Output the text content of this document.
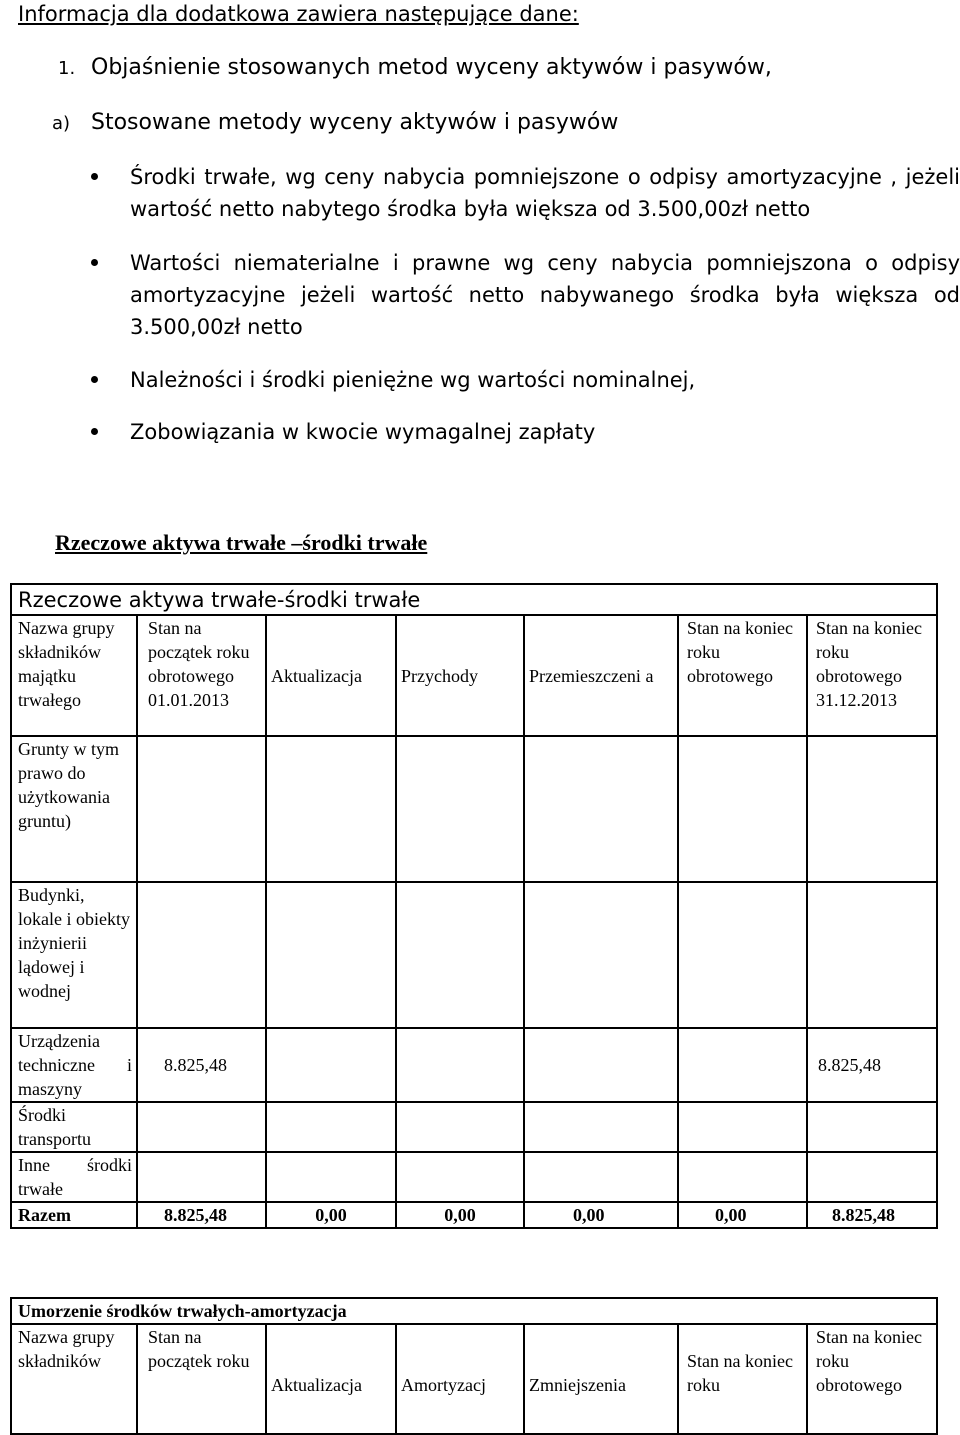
Informacja dla dodatkowa zawiera następujące dane:
1. Objaśnienie stosowanych metod wyceny aktywów i pasywów,
a) Stosowane metody wyceny aktywów i pasywów
Środki trwałe, wg ceny nabycia pomniejszone o odpisy amortyzacyjne , jeżeli wartość netto nabytego środka była większa od 3.500,00zł netto
Wartości niematerialne i prawne wg ceny nabycia pomniejszona o odpisy amortyzacyjne jeżeli wartość netto nabywanego środka była większa od 3.500,00zł netto
Należności i środki pieniężne wg wartości nominalnej,
Zobowiązania w kwocie wymagalnej zapłaty
Rzeczowe aktywa trwałe –środki trwałe
Rzeczowe aktywa trwałe-środki trwałe						
Nazwa grupy składników majątku trwałego	Stan na początek roku obrotowego 01.01.2013	Aktualizacja	Przychody	Przemieszczeni a	Stan na koniec roku obrotowego	Stan na koniec roku obrotowego 31.12.2013
Grunty w tym prawo do użytkowania gruntu)						
Budynki, lokale i obiekty inżynierii lądowej i wodnej						
Urządzenia techniczne i maszyny	8.825,48					8.825,48
Środki transportu						
Inne środki trwałe						
Razem	8.825,48	0,00	0,00	0,00	0,00	8.825,48
Umorzenie środków trwałych-amortyzacja
Nazwa grupy składników	Stan na początek roku	Aktualizacja	Amortyzacj	Zmniejszenia	Stan na koniec roku	Stan na koniec roku obrotowego
